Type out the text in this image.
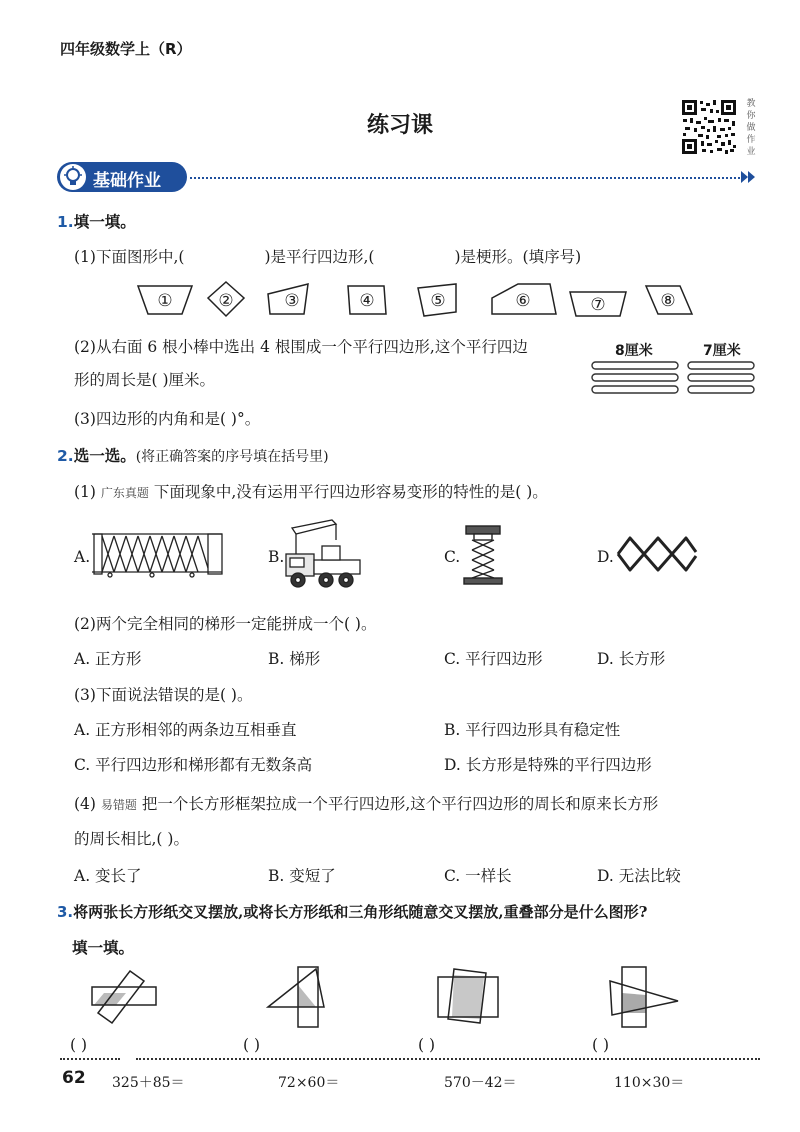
四年级数学上（R）
练习课
教
你
做
作
业
基础作业
1.填一填。
(1)下面图形中,(	)是平行四边形,(	)是梗形。(填序号)
①	②	③	④	⑤	⑥	⑦	⑧
(2)从右面 6 根小棒中选出 4 根围成一个平行四边形,这个平行四边
形的周长是( )厘米。
8厘米	7厘米
(3)四边形的内角和是( )°。
2.选一选。(将正确答案的序号填在括号里)
(1) 广东真题 下面现象中,没有运用平行四边形容易变形的特性的是( )。
A.	B.	C.	D.
(2)两个完全相同的梯形一定能拼成一个( )。
A. 正方形	B. 梯形	C. 平行四边形	D. 长方形
(3)下面说法错误的是( )。
A. 正方形相邻的两条边互相垂直	B. 平行四边形具有稳定性
C. 平行四边形和梯形都有无数条高	D. 长方形是特殊的平行四边形
(4) 易错题 把一个长方形框架拉成一个平行四边形,这个平行四边形的周长和原来长方形
的周长相比,( )。
A. 变长了	B. 变短了	C. 一样长	D. 无法比较
3.将两张长方形纸交叉摆放,或将长方形纸和三角形纸随意交叉摆放,重叠部分是什么图形?
填一填。
( )	( )	( )	( )
62 325＋85＝	72×60＝	570－42＝	110×30＝
